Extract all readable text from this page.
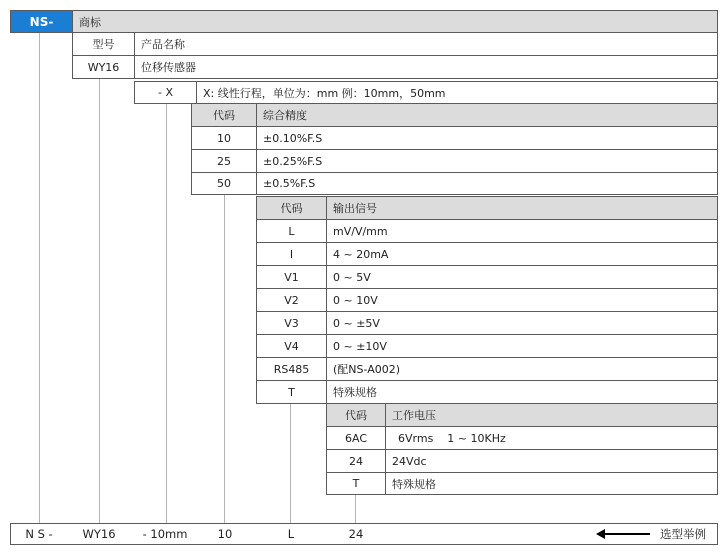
NS-	商标
型号	产品名称
WY16	位移传感器
- X	X: 线性行程，单位为：mm 例：10mm，50mm
代码	综合精度
10	±0.10%F.S
25	±0.25%F.S
50	±0.5%F.S
代码	输出信号
L	mV/V/mm
I	4 ~ 20mA
V1	0 ~ 5V
V2	0 ~ 10V
V3	0 ~ ±5V
V4	0 ~ ±10V
RS485	(配NS-A002)
T	特殊规格
代码	工作电压
6AC	6Vrms    1 ~ 10KHz
24	24Vdc
T	特殊规格
N S -	WY16	- 10mm	10	L	24	选型举例
